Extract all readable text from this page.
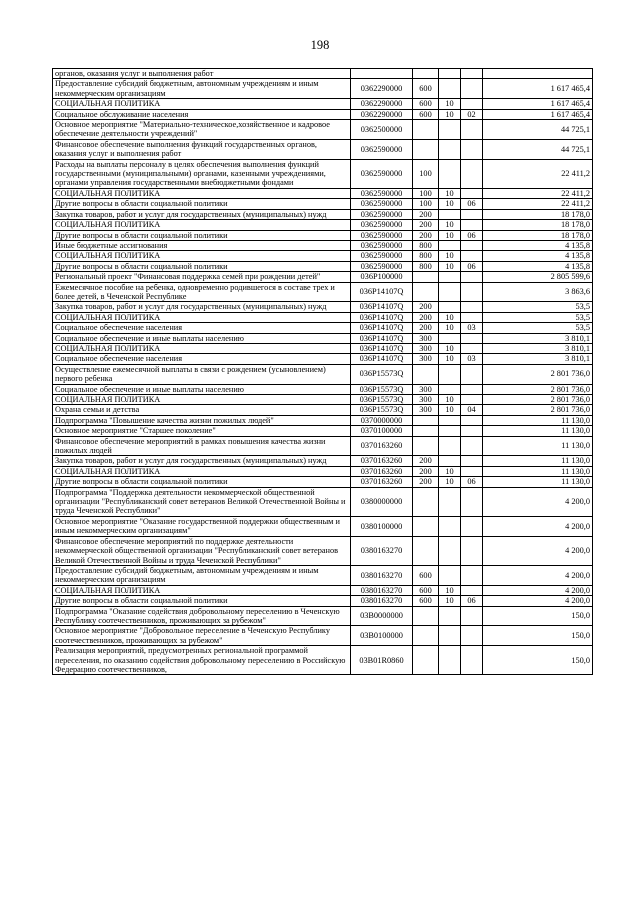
198
органов, оказания услуг и выполнения работ					
Предоставление субсидий бюджетным, автономным учреждениям и иным некоммерческим организациям	0362290000	600			1 617 465,4
СОЦИАЛЬНАЯ ПОЛИТИКА	0362290000	600	10		1 617 465,4
Социальное обслуживание населения	0362290000	600	10	02	1 617 465,4
Основное мероприятие "Материально-техническое,хозяйственное и кадровое обеспечение деятельности учреждений"	0362500000				44 725,1
Финансовое обеспечение выполнения функций государственных органов, оказания услуг и выполнения работ	0362590000				44 725,1
Расходы на выплаты персоналу в целях обеспечения выполнения функций государственными (муниципальными) органами, казенными учреждениями, органами управления государственными внебюджетными фондами	0362590000	100			22 411,2
СОЦИАЛЬНАЯ ПОЛИТИКА	0362590000	100	10		22 411,2
Другие вопросы в области социальной политики	0362590000	100	10	06	22 411,2
Закупка товаров, работ и услуг для государственных (муниципальных) нужд	0362590000	200			18 178,0
СОЦИАЛЬНАЯ ПОЛИТИКА	0362590000	200	10		18 178,0
Другие вопросы в области социальной политики	0362590000	200	10	06	18 178,0
Иные бюджетные ассигнования	0362590000	800			4 135,8
СОЦИАЛЬНАЯ ПОЛИТИКА	0362590000	800	10		4 135,8
Другие вопросы в области социальной политики	0362590000	800	10	06	4 135,8
Региональный проект "Финансовая поддержка семей при рождении детей"	036P100000				2 805 599,6
Ежемесячное пособие на ребенка, одновременно родившегося в составе трех и более детей, в Чеченской Республике	036P14107Q				3 863,6
Закупка товаров, работ и услуг для государственных (муниципальных) нужд	036P14107Q	200			53,5
СОЦИАЛЬНАЯ ПОЛИТИКА	036P14107Q	200	10		53,5
Социальное обеспечение населения	036P14107Q	200	10	03	53,5
Социальное обеспечение и иные выплаты населению	036P14107Q	300			3 810,1
СОЦИАЛЬНАЯ ПОЛИТИКА	036P14107Q	300	10		3 810,1
Социальное обеспечение населения	036P14107Q	300	10	03	3 810,1
Осуществление ежемесячной выплаты в связи с рождением (усыновлением) первого ребенка	036P15573Q				2 801 736,0
Социальное обеспечение и иные выплаты населению	036P15573Q	300			2 801 736,0
СОЦИАЛЬНАЯ ПОЛИТИКА	036P15573Q	300	10		2 801 736,0
Охрана семьи и детства	036P15573Q	300	10	04	2 801 736,0
Подпрограмма "Повышение качества жизни пожилых людей"	0370000000				11 130,0
Основное мероприятие "Старшее поколение"	0370100000				11 130,0
Финансовое обеспечение мероприятий в рамках повышения качества жизни пожилых людей	0370163260				11 130,0
Закупка товаров, работ и услуг для государственных (муниципальных) нужд	0370163260	200			11 130,0
СОЦИАЛЬНАЯ ПОЛИТИКА	0370163260	200	10		11 130,0
Другие вопросы в области социальной политики	0370163260	200	10	06	11 130,0
Подпрограмма "Поддержка деятельности некоммерческой общественной организации "Республиканский совет ветеранов Великой Отечественной Войны и труда Чеченской Республики"	0380000000				4 200,0
Основное мероприятие "Оказание государственной поддержки общественным и иным некоммерческим организациям"	0380100000				4 200,0
Финансовое обеспечение мероприятий по поддержке деятельности некоммерческой общественной организации "Республиканский совет ветеранов Великой Отечественной Войны и труда Чеченской Республики"	0380163270				4 200,0
Предоставление субсидий бюджетным, автономным учреждениям и иным некоммерческим организациям	0380163270	600			4 200,0
СОЦИАЛЬНАЯ ПОЛИТИКА	0380163270	600	10		4 200,0
Другие вопросы в области социальной политики	0380163270	600	10	06	4 200,0
Подпрограмма "Оказание содействия добровольному переселению в Чеченскую Республику соотечественников, проживающих за рубежом"	03B0000000				150,0
Основное мероприятие "Добровольное переселение в Чеченскую Республику соотечественников, проживающих за рубежом"	03B0100000				150,0
Реализация мероприятий, предусмотренных региональной программой переселения, по оказанию содействия добровольному переселению в Российскую Федерацию соотечественников,	03B01R0860				150,0
